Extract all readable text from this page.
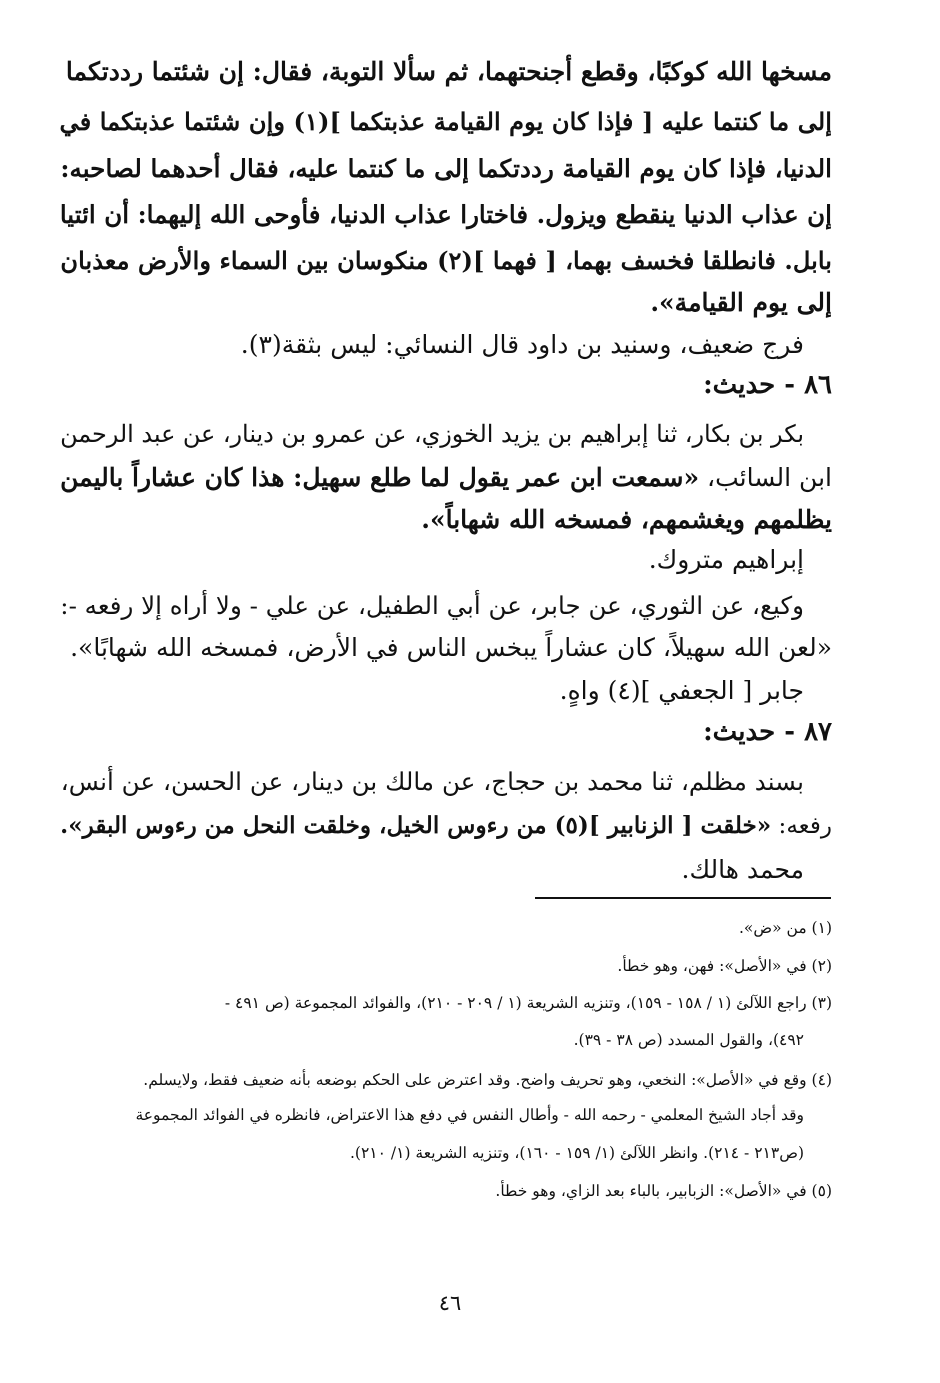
مسخها الله كوكبًا، وقطع أجنحتهما، ثم سألا التوبة، فقال: إن شئتما رددتكما
إلى ما كنتما عليه [ فإذا كان يوم القيامة عذبتكما ](١) وإن شئتما عذبتكما في
الدنيا، فإذا كان يوم القيامة رددتكما إلى ما كنتما عليه، فقال أحدهما لصاحبه:
إن عذاب الدنيا ينقطع ويزول. فاختارا عذاب الدنيا، فأوحى الله إليهما: أن ائتيا
بابل. فانطلقا فخسف بهما، [ فهما ](٢) منكوسان بين السماء والأرض معذبان
إلى يوم القيامة».
فرج ضعيف، وسنيد بن داود قال النسائي: ليس بثقة(٣).
٨٦ - حديث:
بكر بن بكار، ثنا إبراهيم بن يزيد الخوزي، عن عمرو بن دينار، عن عبد الرحمن
ابن السائب، «سمعت ابن عمر يقول لما طلع سهيل: هذا كان عشاراً باليمن
يظلمهم ويغشمهم، فمسخه الله شهاباً».
إبراهيم متروك.
وكيع، عن الثوري، عن جابر، عن أبي الطفيل، عن علي - ولا أراه إلا رفعه -:
«لعن الله سهيلاً، كان عشاراً يبخس الناس في الأرض، فمسخه الله شهابًا».
جابر [ الجعفي ](٤) واهٍ.
٨٧ - حديث:
بسند مظلم، ثنا محمد بن حجاج، عن مالك بن دينار، عن الحسن، عن أنس،
رفعه: «خلقت [ الزنابير ](٥) من رءوس الخيل، وخلقت النحل من رءوس البقر».
محمد هالك.
(١) من «ض».
(٢) في «الأصل»: فهن، وهو خطأ.
(٣) راجع اللآلئ (١ / ١٥٨ - ١٥٩)، وتنزيه الشريعة (١ / ٢٠٩ - ٢١٠)، والفوائد المجموعة (ص ٤٩١ -
٤٩٢)، والقول المسدد (ص ٣٨ - ٣٩).
(٤) وقع في «الأصل»: النخعي، وهو تحريف واضح. وقد اعترض على الحكم بوضعه بأنه ضعيف فقط، ولايسلم.
وقد أجاد الشيخ المعلمي - رحمه الله - وأطال النفس في دفع هذا الاعتراض، فانظره في الفوائد المجموعة
(ص٢١٣ - ٢١٤). وانظر اللآلئ (١/ ١٥٩ - ١٦٠)، وتنزيه الشريعة (١/ ٢١٠).
(٥) في «الأصل»: الزبابير، بالباء بعد الزاي، وهو خطأ.
٤٦
